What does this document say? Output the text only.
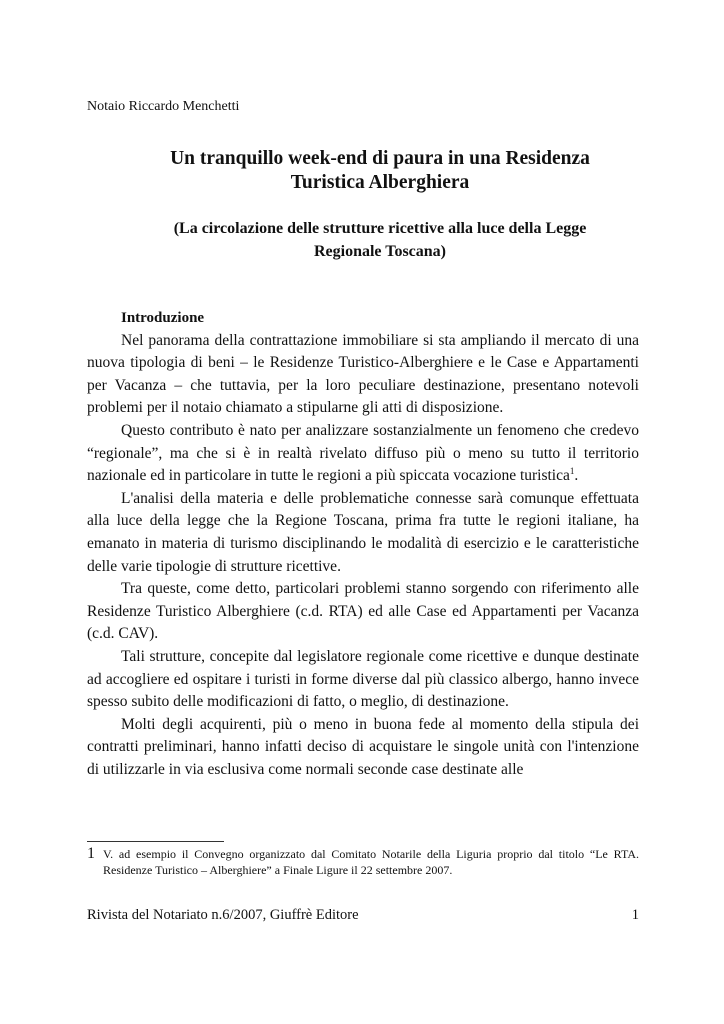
Notaio Riccardo Menchetti
Un tranquillo week-end di paura in una Residenza
Turistica Alberghiera
(La circolazione delle strutture ricettive alla luce della Legge
Regionale Toscana)
Introduzione

Nel panorama della contrattazione immobiliare si sta ampliando il mercato di una nuova tipologia di beni – le Residenze Turistico-Alberghiere e le Case e Appartamenti per Vacanza – che tuttavia, per la loro peculiare destinazione, presentano notevoli problemi per il notaio chiamato a stipularne gli atti di disposizione.

Questo contributo è nato per analizzare sostanzialmente un fenomeno che credevo “regionale”, ma che si è in realtà rivelato diffuso più o meno su tutto il territorio nazionale ed in particolare in tutte le regioni a più spiccata vocazione turistica$^1$.

L'analisi della materia e delle problematiche connesse sarà comunque effettuata alla luce della legge che la Regione Toscana, prima fra tutte le regioni italiane, ha emanato in materia di turismo disciplinando le modalità di esercizio e le caratteristiche delle varie tipologie di strutture ricettive.

Tra queste, come detto, particolari problemi stanno sorgendo con riferimento alle Residenze Turistico Alberghiere (c.d. RTA) ed alle Case ed Appartamenti per Vacanza (c.d. CAV).

Tali strutture, concepite dal legislatore regionale come ricettive e dunque destinate ad accogliere ed ospitare i turisti in forme diverse dal più classico albergo, hanno invece spesso subito delle modificazioni di fatto, o meglio, di destinazione.

Molti degli acquirenti, più o meno in buona fede al momento della stipula dei contratti preliminari, hanno infatti deciso di acquistare le singole unità con l'intenzione di utilizzarle in via esclusiva come normali seconde case destinate alle

1 V. ad esempio il Convegno organizzato dal Comitato Notarile della Liguria proprio dal titolo “Le RTA. Residenze Turistico – Alberghiere” a Finale Ligure il 22 settembre 2007.
Rivista del Notariato n.6/2007, Giuffrè Editore	1
